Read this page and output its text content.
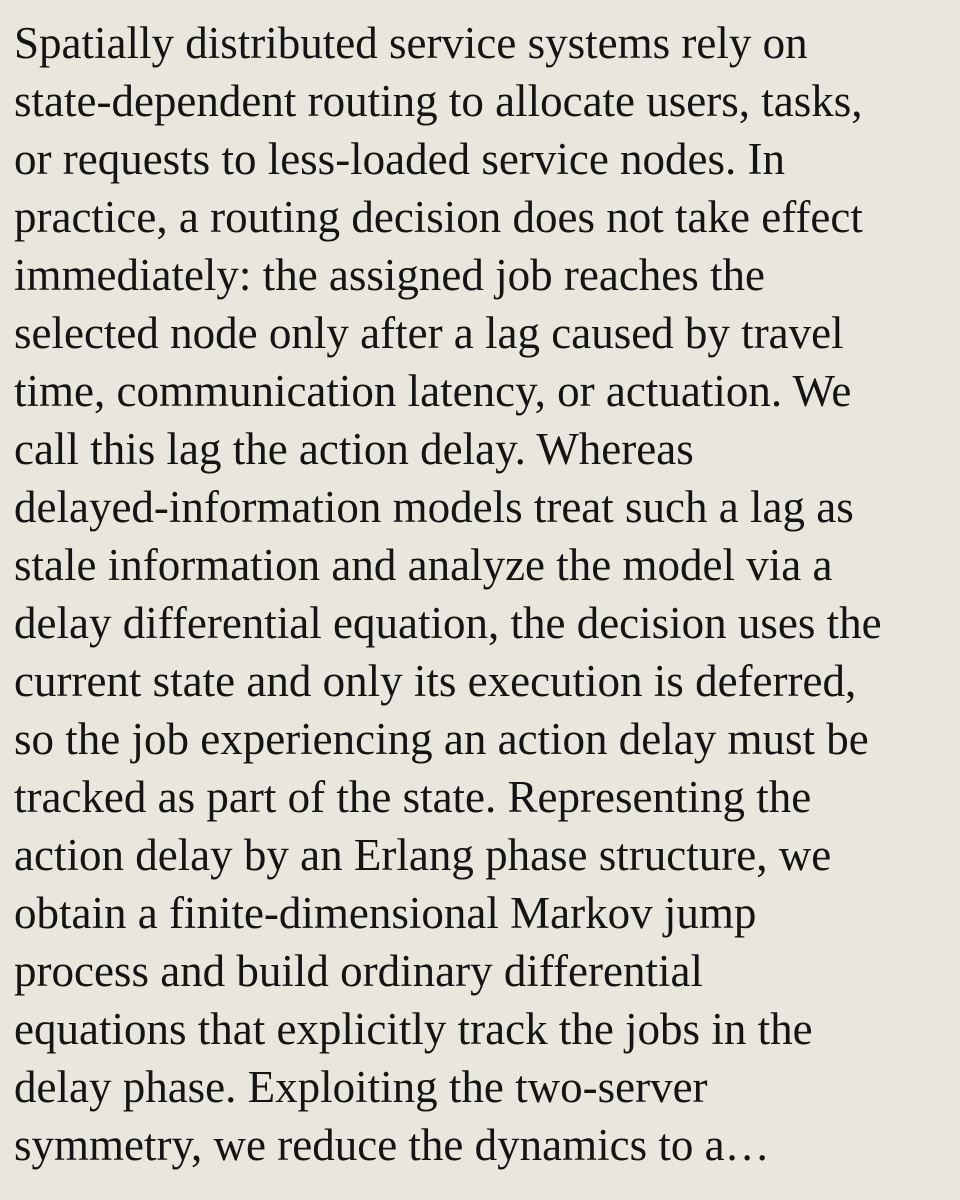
Spatially distributed service systems rely on
state-dependent routing to allocate users, tasks,
or requests to less-loaded service nodes. In
practice, a routing decision does not take effect
immediately: the assigned job reaches the
selected node only after a lag caused by travel
time, communication latency, or actuation. We
call this lag the action delay. Whereas
delayed-information models treat such a lag as
stale information and analyze the model via a
delay differential equation, the decision uses the
current state and only its execution is deferred,
so the job experiencing an action delay must be
tracked as part of the state. Representing the
action delay by an Erlang phase structure, we
obtain a finite-dimensional Markov jump
process and build ordinary differential
equations that explicitly track the jobs in the
delay phase. Exploiting the two-server
symmetry, we reduce the dynamics to a…
